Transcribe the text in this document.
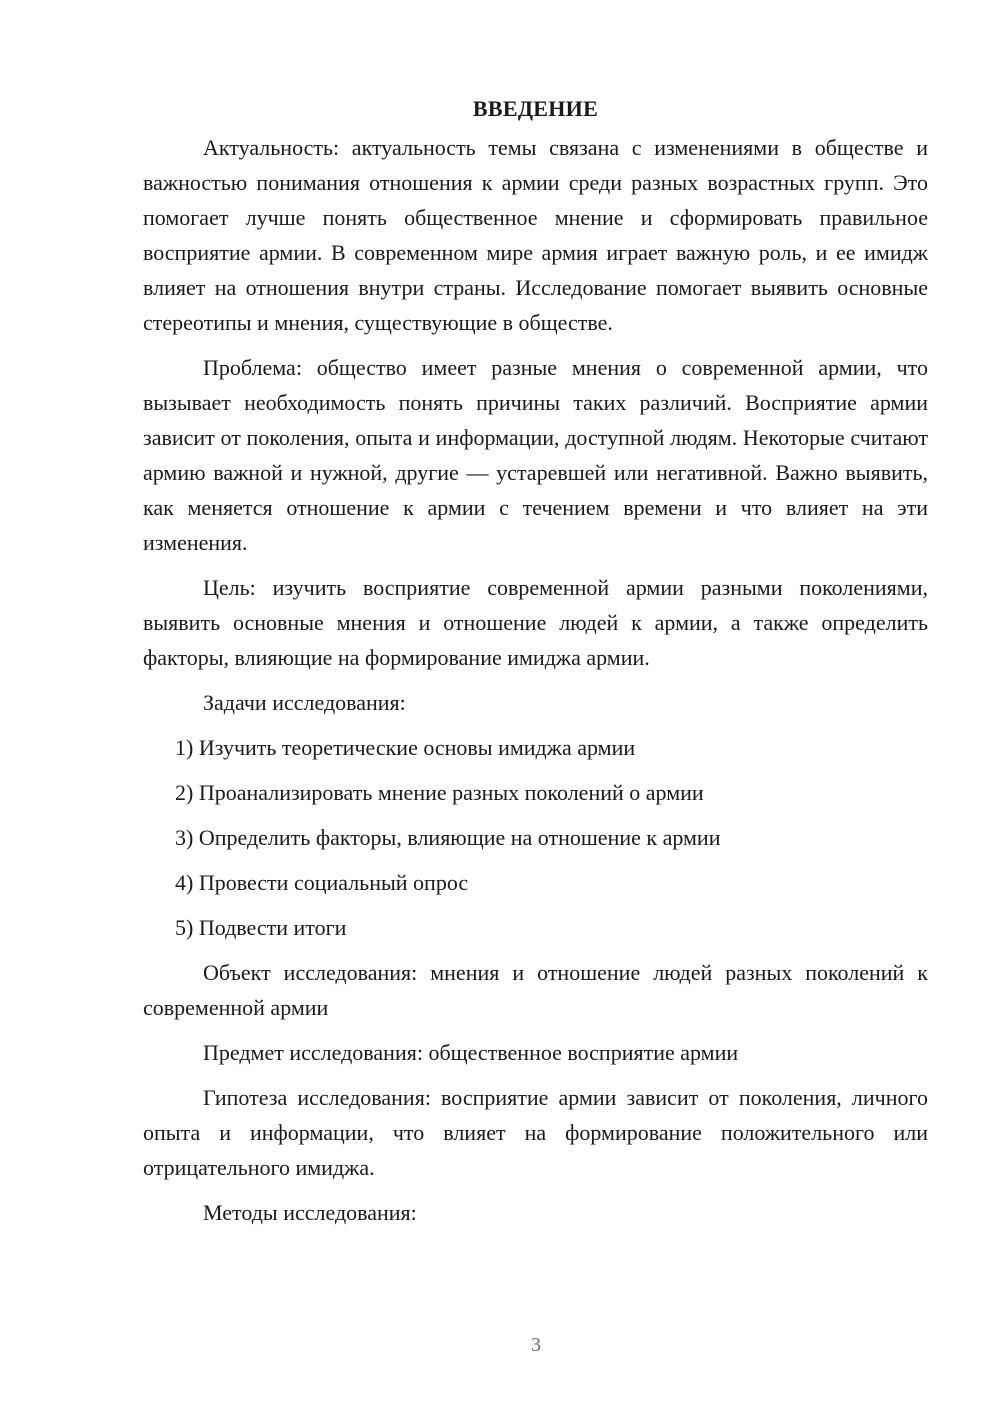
ВВЕДЕНИЕ

Актуальность: актуальность темы связана с изменениями в обществе и важностью понимания отношения к армии среди разных возрастных групп. Это помогает лучше понять общественное мнение и сформировать правильное восприятие армии. В современном мире армия играет важную роль, и ее имидж влияет на отношения внутри страны. Исследование помогает выявить основные стереотипы и мнения, существующие в обществе.

Проблема: общество имеет разные мнения о современной армии, что вызывает необходимость понять причины таких различий. Восприятие армии зависит от поколения, опыта и информации, доступной людям. Некоторые считают армию важной и нужной, другие — устаревшей или негативной. Важно выявить, как меняется отношение к армии с течением времени и что влияет на эти изменения.

Цель: изучить восприятие современной армии разными поколениями, выявить основные мнения и отношение людей к армии, а также определить факторы, влияющие на формирование имиджа армии.

Задачи исследования:

1) Изучить теоретические основы имиджа армии
2) Проанализировать мнение разных поколений о армии
3) Определить факторы, влияющие на отношение к армии
4) Провести социальный опрос
5) Подвести итоги

Объект исследования: мнения и отношение людей разных поколений к современной армии

Предмет исследования: общественное восприятие армии

Гипотеза исследования: восприятие армии зависит от поколения, личного опыта и информации, что влияет на формирование положительного или отрицательного имиджа.

Методы исследования:

3
